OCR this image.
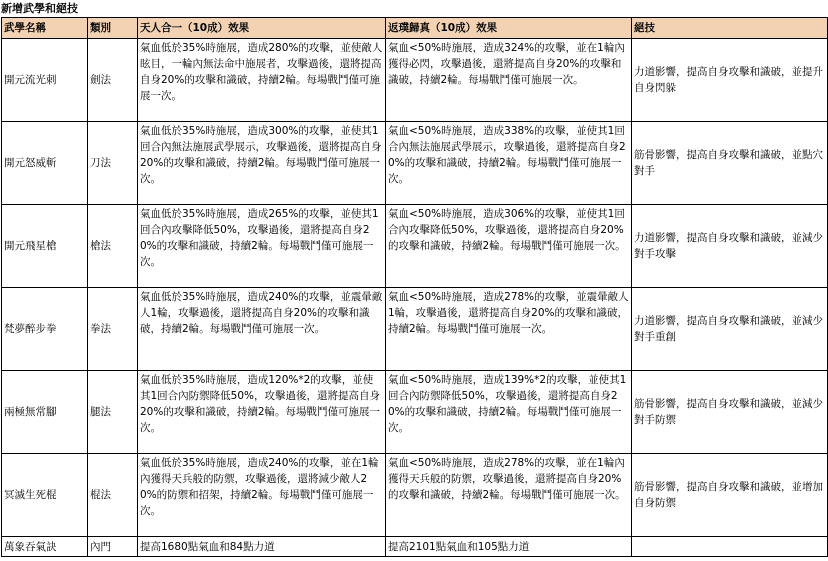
新增武學和絕技
武學名稱	類別	天人合一（10成）效果	返璞歸真（10成）效果	絕技
開元流光刺	劍法	氣血低於35%時施展，造成280%的攻擊，並使敵人眩目，一輪內無法命中施展者，攻擊過後，還將提高自身20%的攻擊和識破，持續2輪。每場戰鬥僅可施展一次。	氣血<50%時施展，造成324%的攻擊，並在1輪內獲得必閃，攻擊過後，還將提高自身20%的攻擊和識破，持續2輪。每場戰鬥僅可施展一次。	力道影響，提高自身攻擊和識破，並提升自身閃躲
開元怒威斬	刀法	氣血低於35%時施展，造成300%的攻擊，並使其1回合內無法施展武學展示，攻擊過後，還將提高自身20%的攻擊和識破，持續2輪。每場戰鬥僅可施展一次。	氣血<50%時施展，造成338%的攻擊，並使其1回合內無法施展武學展示，攻擊過後，還將提高自身20%的攻擊和識破，持續2輪。每場戰鬥僅可施展一次。	筋骨影響，提高自身攻擊和識破，並點穴對手
開元飛星槍	槍法	氣血低於35%時施展，造成265%的攻擊，並使其1回合內攻擊降低50%，攻擊過後，還將提高自身20%的攻擊和識破，持續2輪。每場戰鬥僅可施展一次。	氣血<50%時施展，造成306%的攻擊，並使其1回合內攻擊降低50%，攻擊過後，還將提高自身20%的攻擊和識破，持續2輪。每場戰鬥僅可施展一次。	力道影響，提高自身攻擊和識破，並減少對手攻擊
梵夢醉步拳	拳法	氣血低於35%時施展，造成240%的攻擊，並震暈敵人1輪，攻擊過後，還將提高自身20%的攻擊和識破，持續2輪。每場戰鬥僅可施展一次。	氣血<50%時施展，造成278%的攻擊，並震暈敵人1輪，攻擊過後，還將提高自身20%的攻擊和識破，持續2輪。每場戰鬥僅可施展一次。	力道影響，提高自身攻擊和識破，並減少對手重創
兩極無常腳	腿法	氣血低於35%時施展，造成120%*2的攻擊，並使其1回合內防禦降低50%，攻擊過後，還將提高自身20%的攻擊和識破，持續2輪。每場戰鬥僅可施展一次。	氣血<50%時施展，造成139%*2的攻擊，並使其1回合內防禦降低50%，攻擊過後，還將提高自身20%的攻擊和識破，持續2輪。每場戰鬥僅可施展一次。	筋骨影響，提高自身攻擊和識破，並減少對手防禦
冥滅生死棍	棍法	氣血低於35%時施展，造成240%的攻擊，並在1輪內獲得天兵般的防禦，攻擊過後，還將減少敵人20%的防禦和招架，持續2輪。每場戰鬥僅可施展一次。	氣血<50%時施展，造成278%的攻擊，並在1輪內獲得天兵般的防禦，攻擊過後，還將提高自身20%的攻擊和識破，持續2輪。每場戰鬥僅可施展一次。	筋骨影響，提高自身攻擊和識破，並增加自身防禦
萬象吞氣訣	內門	提高1680點氣血和84點力道	提高2101點氣血和105點力道	
